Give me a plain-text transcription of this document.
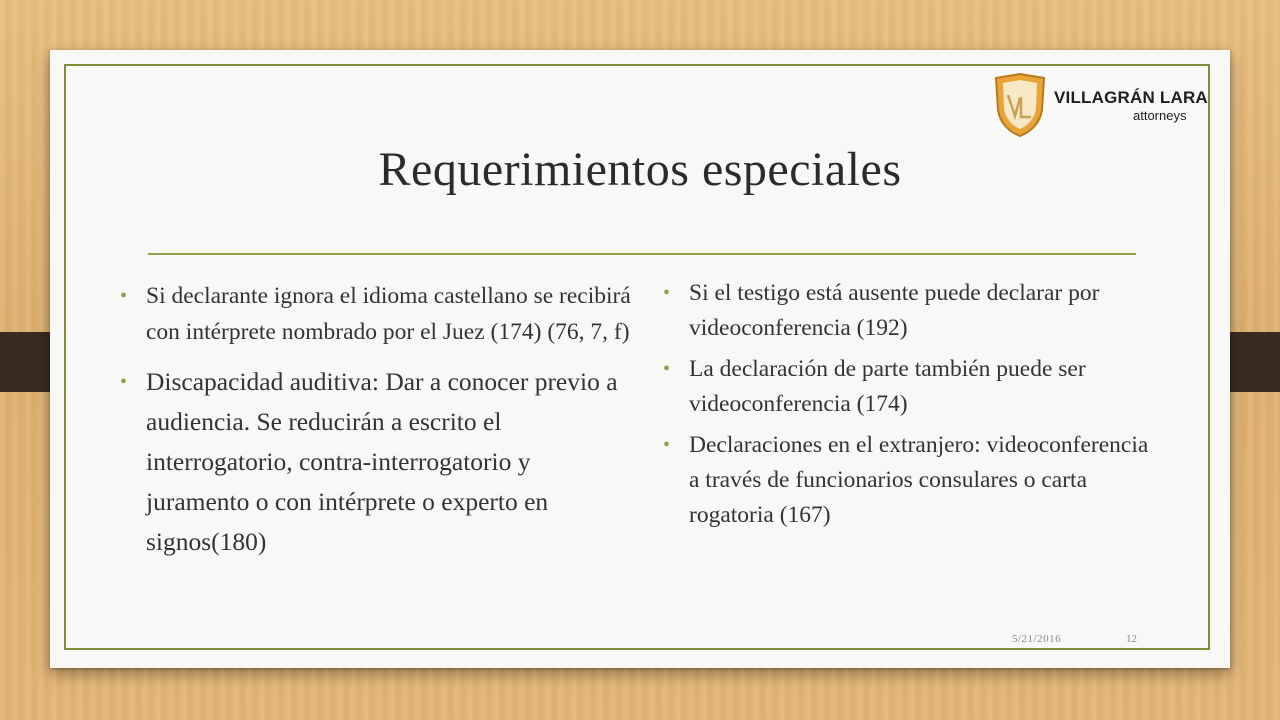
VILLAGRÁN LARA
attorneys
Requerimientos especiales
• Si declarante ignora el idioma castellano se recibirá con intérprete nombrado por el Juez (174) (76, 7, f)
• Discapacidad auditiva: Dar a conocer previo a audiencia. Se reducirán a escrito el interrogatorio, contra-interrogatorio y juramento o con intérprete o experto en signos(180)
• Si el testigo está ausente puede declarar por videoconferencia (192)
• La declaración de parte también puede ser videoconferencia (174)
• Declaraciones en el extranjero: videoconferencia a través de funcionarios consulares o carta rogatoria (167)
5/21/2016	12
